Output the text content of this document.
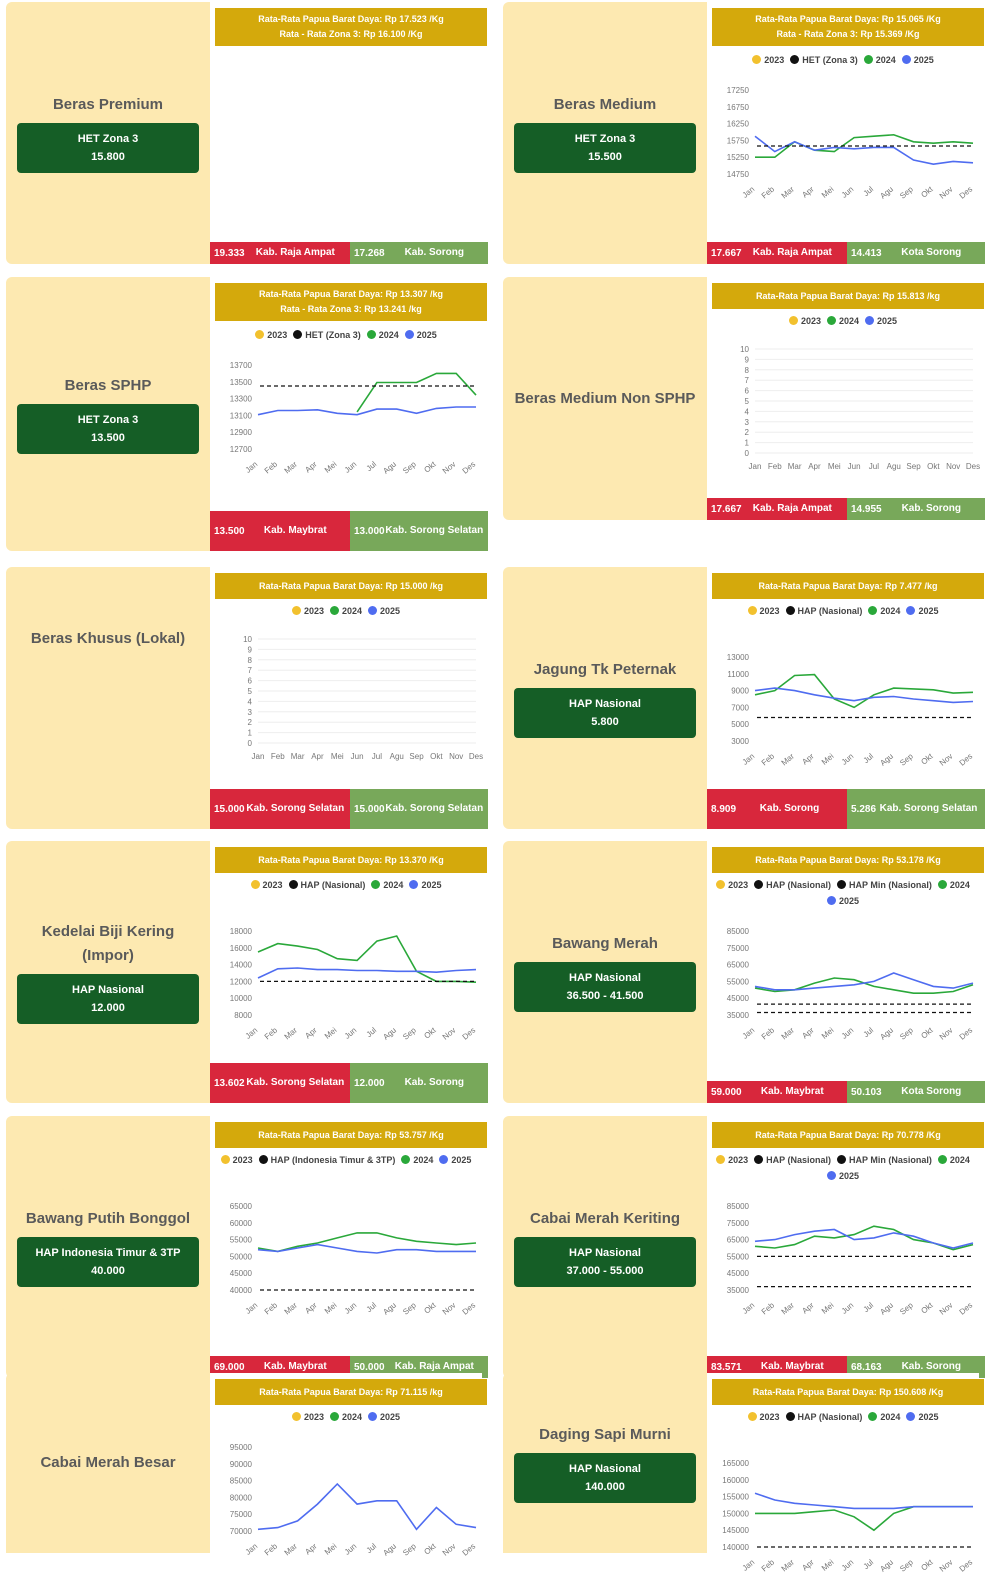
Beras Premium
HET Zona 3
15.800
Rata-Rata Papua Barat Daya: Rp 17.523 /Kg
Rata - Rata Zona 3: Rp 16.100 /Kg
19.333	Kab. Raja Ampat	17.268	Kab. Sorong
Beras Medium
HET Zona 3
15.500
Rata-Rata Papua Barat Daya: Rp 15.065 /Kg
Rata - Rata Zona 3: Rp 15.369 /Kg
2023 HET (Zona 3) 2024 2025
17250
16750
16250
15750
15250
14750
Jan Feb Mar Apr Mei Jun Jul Agu Sep Okt Nov Des
17.667	Kab. Raja Ampat	14.413	Kota Sorong
Beras SPHP
HET Zona 3
13.500
Rata-Rata Papua Barat Daya: Rp 13.307 /kg
Rata - Rata Zona 3: Rp 13.241 /kg
2023 HET (Zona 3) 2024 2025
13700
13500
13300
13100
12900
12700
Jan Feb Mar Apr Mei Jun Jul Agu Sep Okt Nov Des
13.500	Kab. Maybrat	13.000 Kab. Sorong Selatan
Beras Medium Non SPHP
Rata-Rata Papua Barat Daya: Rp 15.813 /kg
2023 2024 2025
10
9
8
7
6
5
4
3
2
1
0
Jan Feb Mar Apr Mei Jun Jul Agu Sep Okt Nov Des
17.667	Kab. Raja Ampat	14.955	Kab. Sorong
Beras Khusus (Lokal)
Rata-Rata Papua Barat Daya: Rp 15.000 /kg
2023 2024 2025
10
9
8
7
6
5
4
3
2
1
0
Jan Feb Mar Apr Mei Jun Jul Agu Sep Okt Nov Des
15.000 Kab. Sorong Selatan 15.000 Kab. Sorong Selatan
Jagung Tk Peternak
HAP Nasional
5.800
Rata-Rata Papua Barat Daya: Rp 7.477 /kg
2023 HAP (Nasional) 2024 2025
13000
11000
9000
7000
5000
3000
Jan Feb Mar Apr Mei Jun Jul Agu Sep Okt Nov Des
8.909	Kab. Sorong	5.286 Kab. Sorong Selatan
Kedelai Biji Kering (Impor)
HAP Nasional
12.000
Rata-Rata Papua Barat Daya: Rp 13.370 /Kg
2023 HAP (Nasional) 2024 2025
18000
16000
14000
12000
10000
8000
Jan Feb Mar Apr Mei Jun Jul Agu Sep Okt Nov Des
13.602 Kab. Sorong Selatan 12.000	Kab. Sorong
Bawang Merah
HAP Nasional
36.500 - 41.500
Rata-Rata Papua Barat Daya: Rp 53.178 /Kg
2023 HAP (Nasional) HAP Min (Nasional) 20242025
85000
75000
65000
55000
45000
35000
Jan Feb Mar Apr Mei Jun Jul Agu Sep Okt Nov Des
59.000	Kab. Maybrat	50.103	Kota Sorong
Bawang Putih Bonggol
HAP Indonesia Timur & 3TP
40.000
Rata-Rata Papua Barat Daya: Rp 53.757 /Kg
2023 HAP (Indonesia Timur & 3TP) 2024 2025
65000
60000
55000
50000
45000
40000
Jan Feb Mar Apr Mei Jun Jul Agu Sep Okt Nov Des
69.000	Kab. Maybrat	50.000	Kab. Raja Ampat
Cabai Merah Keriting
HAP Nasional
37.000 - 55.000
Rata-Rata Papua Barat Daya: Rp 70.778 /Kg
2023 HAP (Nasional) HAP Min (Nasional) 20242025
85000
75000
65000
55000
45000
35000
Jan Feb Mar Apr Mei Jun Jul Agu Sep Okt Nov Des
83.571	Kab. Maybrat	68.163	Kab. Sorong
Cabai Merah Besar
Rata-Rata Papua Barat Daya: Rp 71.115 /kg
2023 2024 2025
95000
90000
85000
80000
75000
70000
Jan Feb Mar Apr Mei Jun Jul Agu Sep Okt Nov Des
Daging Sapi Murni
HAP Nasional
140.000
Rata-Rata Papua Barat Daya: Rp 150.608 /Kg
2023 HAP (Nasional) 2024 2025
165000
160000
155000
150000
145000
140000
Jan Feb Mar Apr Mei Jun Jul Agu Sep Okt Nov Des
